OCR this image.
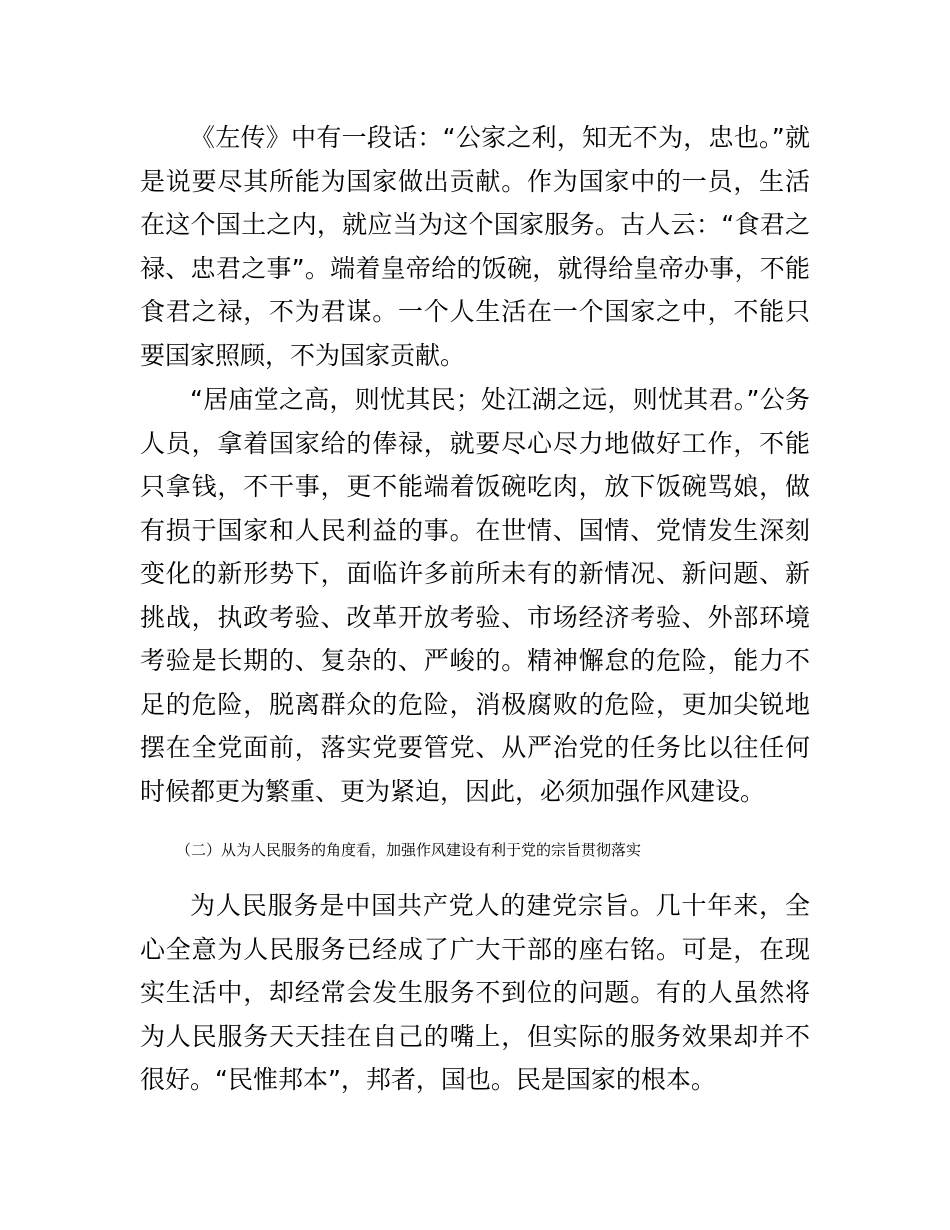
《左传》中有一段话：“公家之利，知无不为，忠也。”就是说要尽其所能为国家做出贡献。作为国家中的一员，生活在这个国土之内，就应当为这个国家服务。古人云：“食君之禄、忠君之事”。端着皇帝给的饭碗，就得给皇帝办事，不能食君之禄，不为君谋。一个人生活在一个国家之中，不能只要国家照顾，不为国家贡献。

“居庙堂之高，则忧其民；处江湖之远，则忧其君。”公务人员，拿着国家给的俸禄，就要尽心尽力地做好工作，不能只拿钱，不干事，更不能端着饭碗吃肉，放下饭碗骂娘，做有损于国家和人民利益的事。在世情、国情、党情发生深刻变化的新形势下，面临许多前所未有的新情况、新问题、新挑战，执政考验、改革开放考验、市场经济考验、外部环境考验是长期的、复杂的、严峻的。精神懈怠的危险，能力不足的危险，脱离群众的危险，消极腐败的危险，更加尖锐地摆在全党面前，落实党要管党、从严治党的任务比以往任何时候都更为繁重、更为紧迫，因此，必须加强作风建设。

（二）从为人民服务的角度看，加强作风建设有利于党的宗旨贯彻落实

为人民服务是中国共产党人的建党宗旨。几十年来，全心全意为人民服务已经成了广大干部的座右铭。可是，在现实生活中，却经常会发生服务不到位的问题。有的人虽然将为人民服务天天挂在自己的嘴上，但实际的服务效果却并不很好。“民惟邦本”，邦者，国也。民是国家的根本。
